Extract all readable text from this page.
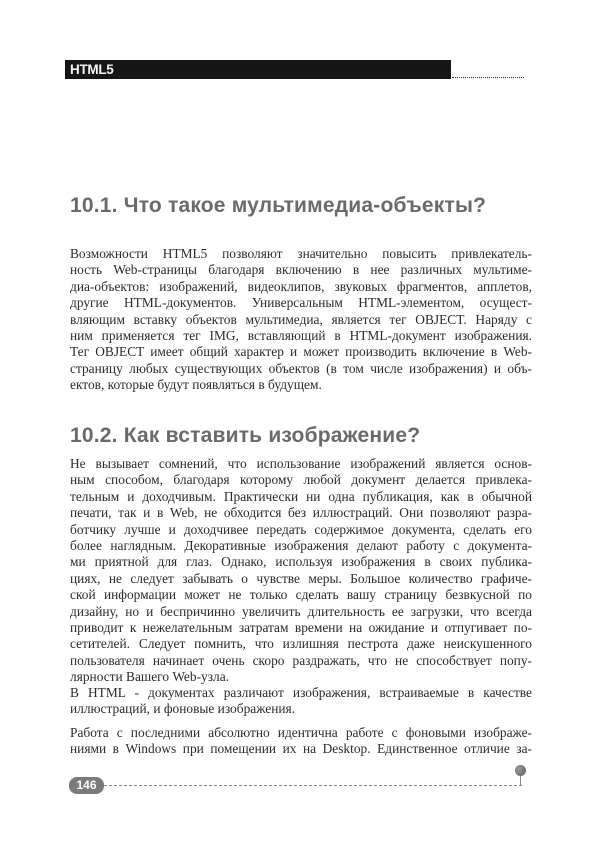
HTML5
10.1. Что такое мультимедиа-объекты?
Возможности HTML5 позволяют значительно повысить привлекатель-
ность Web-страницы благодаря включению в нее различных мультиме-
диа-объектов: изображений, видеоклипов, звуковых фрагментов, апплетов,
другие HTML-документов. Универсальным HTML-элементом, осущест-
вляющим вставку объектов мультимедиа, является тег OBJECT. Наряду с
ним применяется тег IMG, вставляющий в HTML-документ изображения.
Тег OBJECT имеет общий характер и может производить включение в Web-
страницу любых существующих объектов (в том числе изображения) и объ-
ектов, которые будут появляться в будущем.
10.2. Как вставить изображение?
Не вызывает сомнений, что использование изображений является основ-
ным способом, благодаря которому любой документ делается привлека-
тельным и доходчивым. Практически ни одна публикация, как в обычной
печати, так и в Web, не обходится без иллюстраций. Они позволяют разра-
ботчику лучше и доходчивее передать содержимое документа, сделать его
более наглядным. Декоративные изображения делают работу с документа-
ми приятной для глаз. Однако, используя изображения в своих публика-
циях, не следует забывать о чувстве меры. Большое количество графиче-
ской информации может не только сделать вашу страницу безвкусной по
дизайну, но и беспричинно увеличить длительность ее загрузки, что всегда
приводит к нежелательным затратам времени на ожидание и отпугивает по-
сетителей. Следует помнить, что излишняя пестрота даже неискушенного
пользователя начинает очень скоро раздражать, что не способствует попу-
лярности Вашего Web-узла.
В HTML - документах различают изображения, встраиваемые в качестве
иллюстраций, и фоновые изображения.
Работа с последними абсолютно идентична работе с фоновыми изображе-
ниями в Windows при помещении их на Desktop. Единственное отличие за-
146
